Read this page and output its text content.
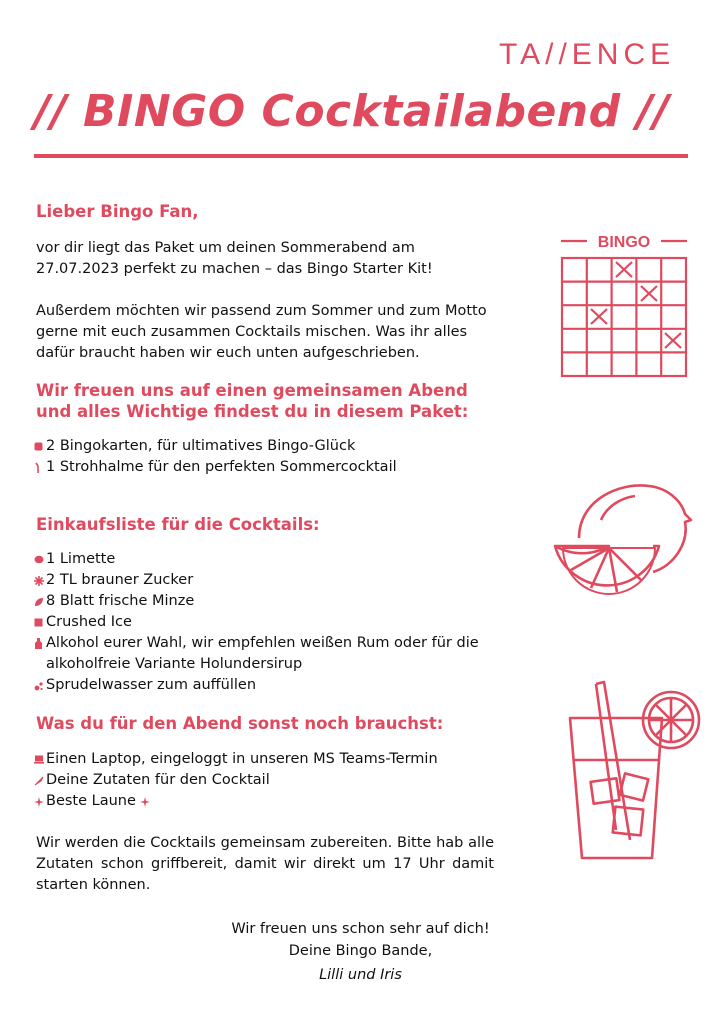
TA//ENCE
// BINGO Cocktailabend //
Lieber Bingo Fan,
vor dir liegt das Paket um deinen Sommerabend am 27.07.2023 perfekt zu machen – das Bingo Starter Kit!
Außerdem möchten wir passend zum Sommer und zum Motto gerne mit euch zusammen Cocktails mischen. Was ihr alles dafür braucht haben wir euch unten aufgeschrieben.
Wir freuen uns auf einen gemeinsamen Abend und alles Wichtige findest du in diesem Paket:
2 Bingokarten, für ultimatives Bingo-Glück
1 Strohhalme für den perfekten Sommercocktail
Einkaufsliste für die Cocktails:
1 Limette
2 TL brauner Zucker
8 Blatt frische Minze
Crushed Ice
Alkohol eurer Wahl, wir empfehlen weißen Rum oder für die alkoholfreie Variante Holundersirup
Sprudelwasser zum auffüllen
Was du für den Abend sonst noch brauchst:
Einen Laptop, eingeloggt in unseren MS Teams-Termin
Deine Zutaten für den Cocktail
Beste Laune
Wir werden die Cocktails gemeinsam zubereiten. Bitte hab alle Zutaten schon griffbereit, damit wir direkt um 17 Uhr damit starten können.
Wir freuen uns schon sehr auf dich!
Deine Bingo Bande,
Lilli und Iris
BINGO
